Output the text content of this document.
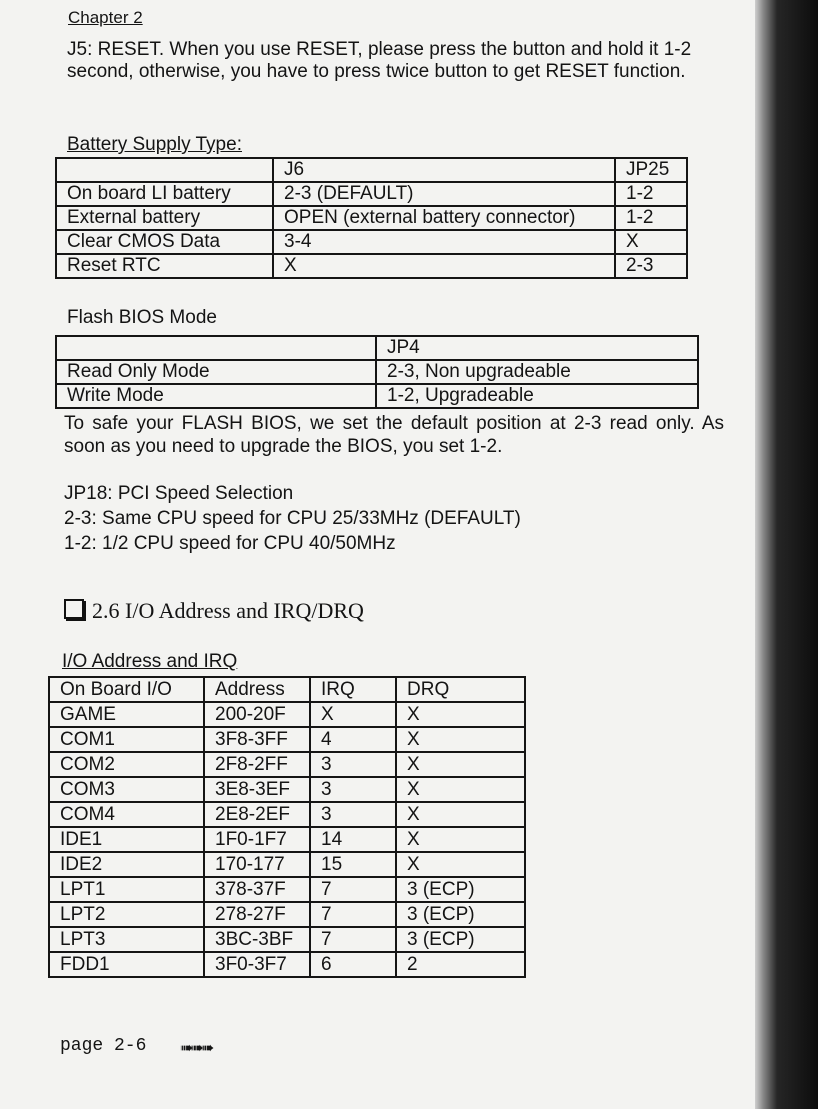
Chapter 2
J5: RESET. When you use RESET, please press the button and hold it 1-2 second, otherwise, you have to press twice button to get RESET function.
Battery Supply Type:
	J6	JP25
On board LI battery	2-3 (DEFAULT)	1-2
External battery	OPEN (external battery connector)	1-2
Clear CMOS Data	3-4	X
Reset RTC	X	2-3
Flash BIOS Mode
	JP4
Read Only Mode	2-3, Non upgradeable
Write Mode	1-2, Upgradeable
To safe your FLASH BIOS, we set the default position at 2-3 read only. As soon as you need to upgrade the BIOS, you set 1-2.
JP18: PCI Speed Selection
2-3: Same CPU speed for CPU 25/33MHz (DEFAULT)
1-2: 1/2 CPU speed for CPU 40/50MHz
2.6 I/O Address and IRQ/DRQ
I/O Address and IRQ
On Board I/O	Address	IRQ	DRQ
GAME	200-20F	X	X
COM1	3F8-3FF	4	X
COM2	2F8-2FF	3	X
COM3	3E8-3EF	3	X
COM4	2E8-2EF	3	X
IDE1	1F0-1F7	14	X
IDE2	170-177	15	X
LPT1	378-37F	7	3 (ECP)
LPT2	278-27F	7	3 (ECP)
LPT3	3BC-3BF	7	3 (ECP)
FDD1	3F0-3F7	6	2
page 2-6 ➠➠➠
